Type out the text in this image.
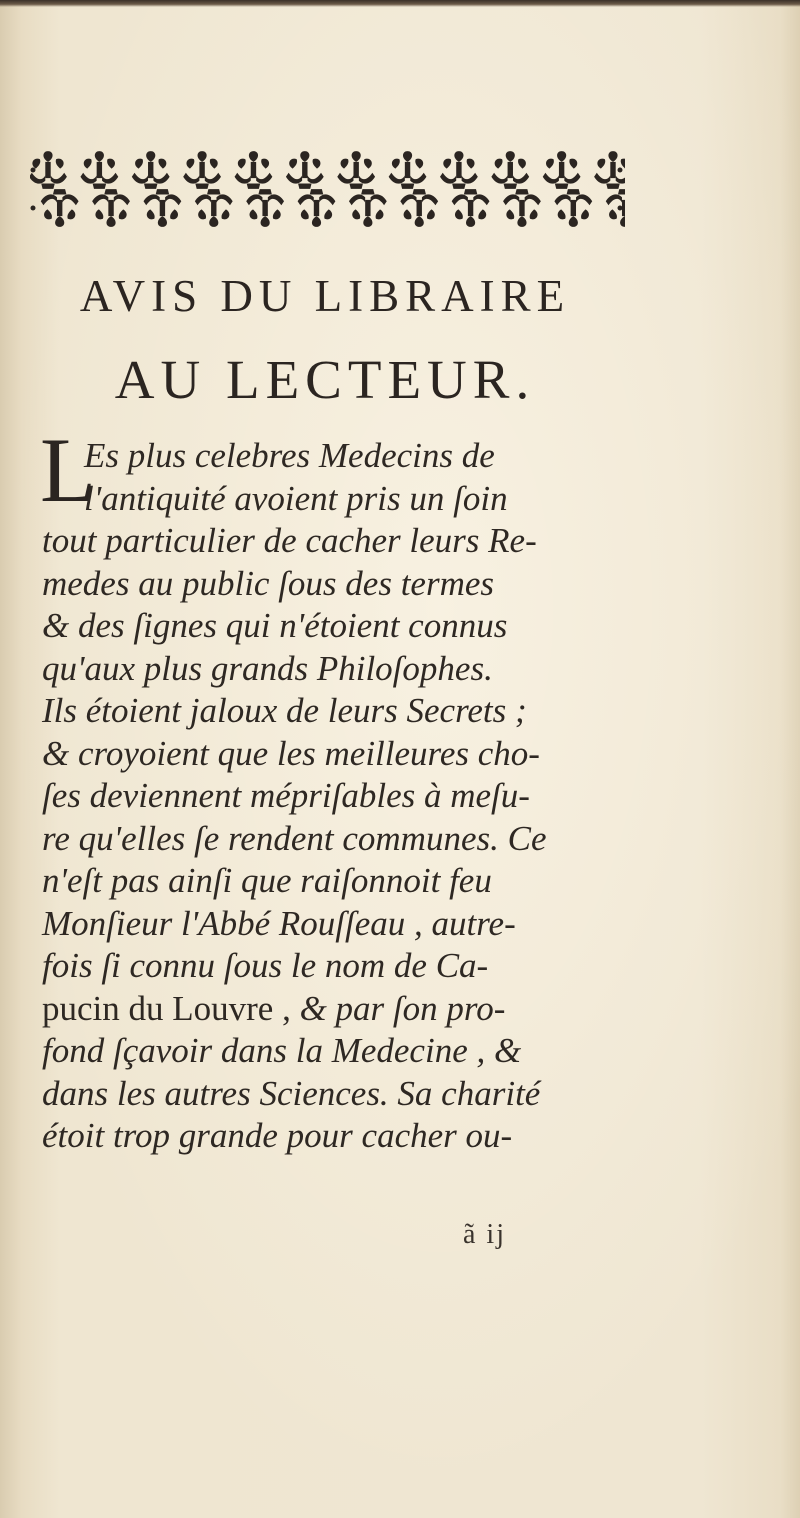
AVIS DU LIBRAIRE
AU LECTEUR.
L
Es plus celebres Medecins de
l'antiquité avoient pris un ſoin
tout particulier de cacher leurs Re-
medes au public ſous des termes
& des ſignes qui n'étoient connus
qu'aux plus grands Philoſophes.
Ils étoient jaloux de leurs Secrets ;
& croyoient que les meilleures cho-
ſes deviennent mépriſables à meſu-
re qu'elles ſe rendent communes. Ce
n'eſt pas ainſi que raiſonnoit feu
Monſieur l'Abbé Rouſſeau , autre-
fois ſi connu ſous le nom de Ca-
pucin du Louvre , & par ſon pro-
fond ſçavoir dans la Medecine , &
dans les autres Sciences. Sa charité
étoit trop grande pour cacher ou-
ã ij
